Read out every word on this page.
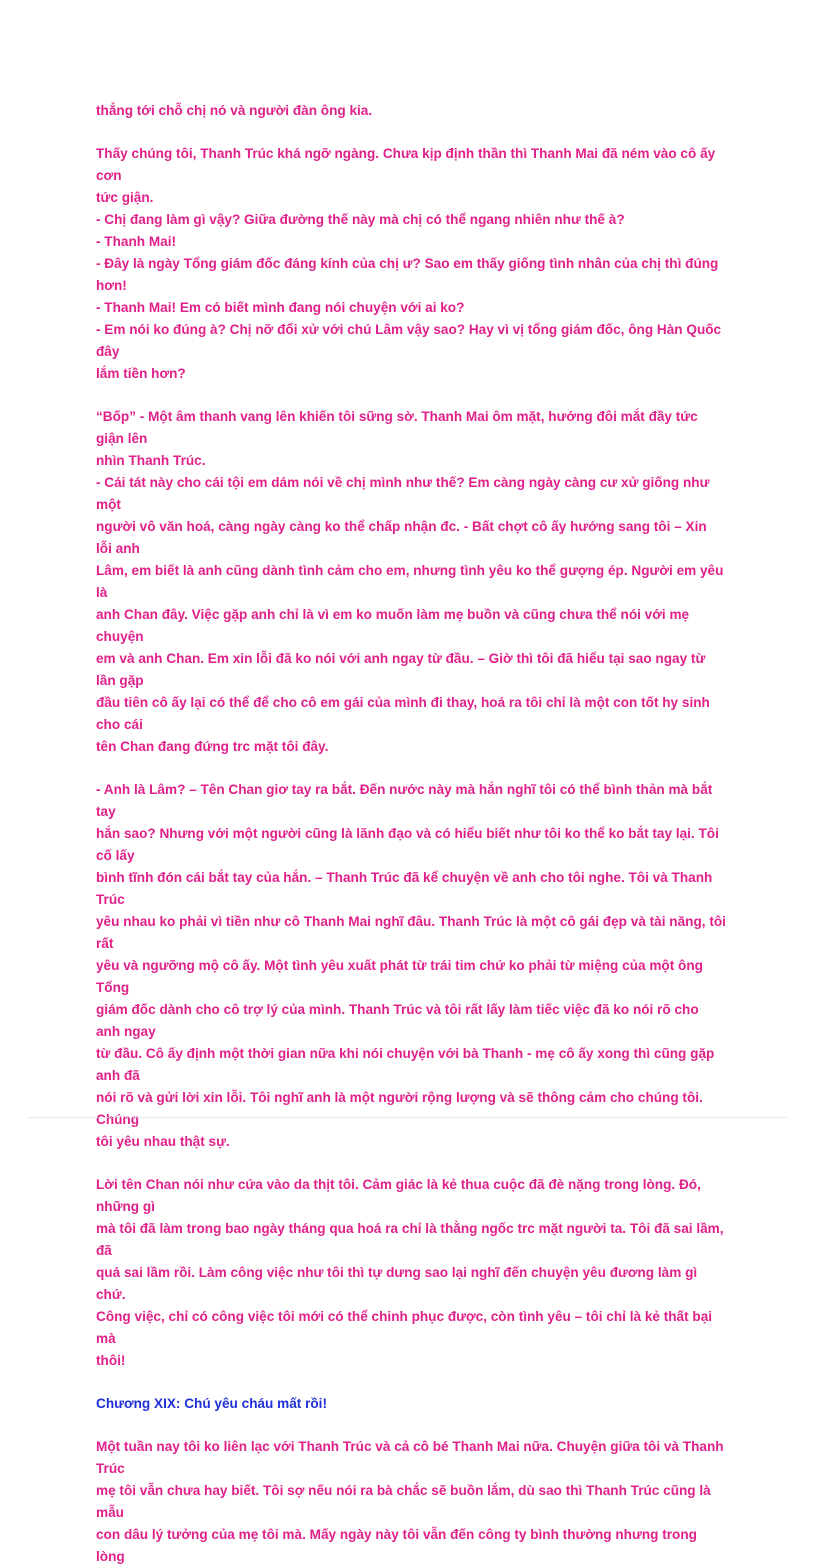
thẳng tới chỗ chị nó và người đàn ông kia.

Thấy chúng tôi, Thanh Trúc khá ngỡ ngàng. Chưa kịp định thần thì Thanh Mai đã ném vào cô ấy cơn

tức giận.

- Chị đang làm gì vậy? Giữa đường thế này mà chị có thể ngang nhiên như thế à?

- Thanh Mai!

- Đây là ngày Tổng giám đốc đáng kính của chị ư? Sao em thấy giống tình nhân của chị thì đúng hơn!

- Thanh Mai! Em có biết mình đang nói chuyện với ai ko?

- Em nói ko đúng à? Chị nỡ đổi xử với chú Lâm vậy sao? Hay vì vị tổng giám đốc, ông Hàn Quốc đây

lắm tiền hơn?

“Bốp” - Một âm thanh vang lên khiến tôi sững sờ. Thanh Mai ôm mặt, hướng đôi mắt đầy tức giận lên

nhìn Thanh Trúc.

- Cái tát này cho cái tội em dám nói về chị mình như thế? Em càng ngày càng cư xử giống như một

người vô văn hoá, càng ngày càng ko thể chấp nhận đc. - Bất chợt cô ấy hướng sang tôi – Xin lỗi anh

Lâm, em biết là anh cũng dành tình cảm cho em, nhưng tình yêu ko thể gượng ép. Người em yêu là

anh Chan đây. Việc gặp anh chỉ là vì em ko muốn làm mẹ buồn và cũng chưa thể nói với mẹ chuyện

em và anh Chan. Em xin lỗi đã ko nói với anh ngay từ đầu. – Giờ thì tôi đã hiểu tại sao ngay từ lần gặp

đầu tiên cô ấy lại có thể để cho cô em gái của mình đi thay, hoá ra tôi chỉ là một con tốt hy sinh cho cái

tên Chan đang đứng trc mặt tôi đây.

- Anh là Lâm? – Tên Chan giơ tay ra bắt. Đến nước này mà hắn nghĩ tôi có thể bình thản mà bắt tay

hắn sao? Nhưng với một người cũng là lãnh đạo và có hiểu biết như tôi ko thể ko bắt tay lại. Tôi cố lấy

bình tĩnh đón cái bắt tay của hắn. – Thanh Trúc đã kể chuyện về anh cho tôi nghe. Tôi và Thanh Trúc

yêu nhau ko phải vì tiền như cô Thanh Mai nghĩ đâu. Thanh Trúc là một cô gái đẹp và tài năng, tôi rất

yêu và ngưỡng mộ cô ấy. Một tình yêu xuất phát từ trái tim chứ ko phải từ miệng của một ông Tổng

giám đốc dành cho cô trợ lý của mình. Thanh Trúc và tôi rất lấy làm tiếc việc đã ko nói rõ cho anh ngay

từ đầu. Cô ấy định một thời gian nữa khi nói chuyện với bà Thanh - mẹ cô ấy xong thì cũng gặp anh đã

nói rõ và gửi lời xin lỗi. Tôi nghĩ anh là một người rộng lượng và sẽ thông cảm cho chúng tôi. Chúng

tôi yêu nhau thật sự.

Lời tên Chan nói như cứa vào da thịt tôi. Cảm giác là kẻ thua cuộc đã đè nặng trong lòng. Đó, những gì

mà tôi đã làm trong bao ngày tháng qua hoá ra chỉ là thằng ngốc trc mặt người ta. Tôi đã sai lầm, đã

quá sai lầm rồi. Làm công việc như tôi thì tự dưng sao lại nghĩ đến chuyện yêu đương làm gì chứ.

Công việc, chỉ có công việc tôi mới có thể chinh phục được, còn tình yêu – tôi chỉ là kẻ thất bại mà

thôi!

Chương XIX: Chú yêu cháu mất rồi!

Một tuần nay tôi ko liên lạc với Thanh Trúc và cả cô bé Thanh Mai nữa. Chuyện giữa tôi và Thanh Trúc

mẹ tôi vẫn chưa hay biết. Tôi sợ nếu nói ra bà chắc sẽ buồn lắm, dù sao thì Thanh Trúc cũng là mẫu

con dâu lý tưởng của mẹ tôi mà. Mấy ngày này tôi vẫn đến công ty bình thường nhưng trong lòng
